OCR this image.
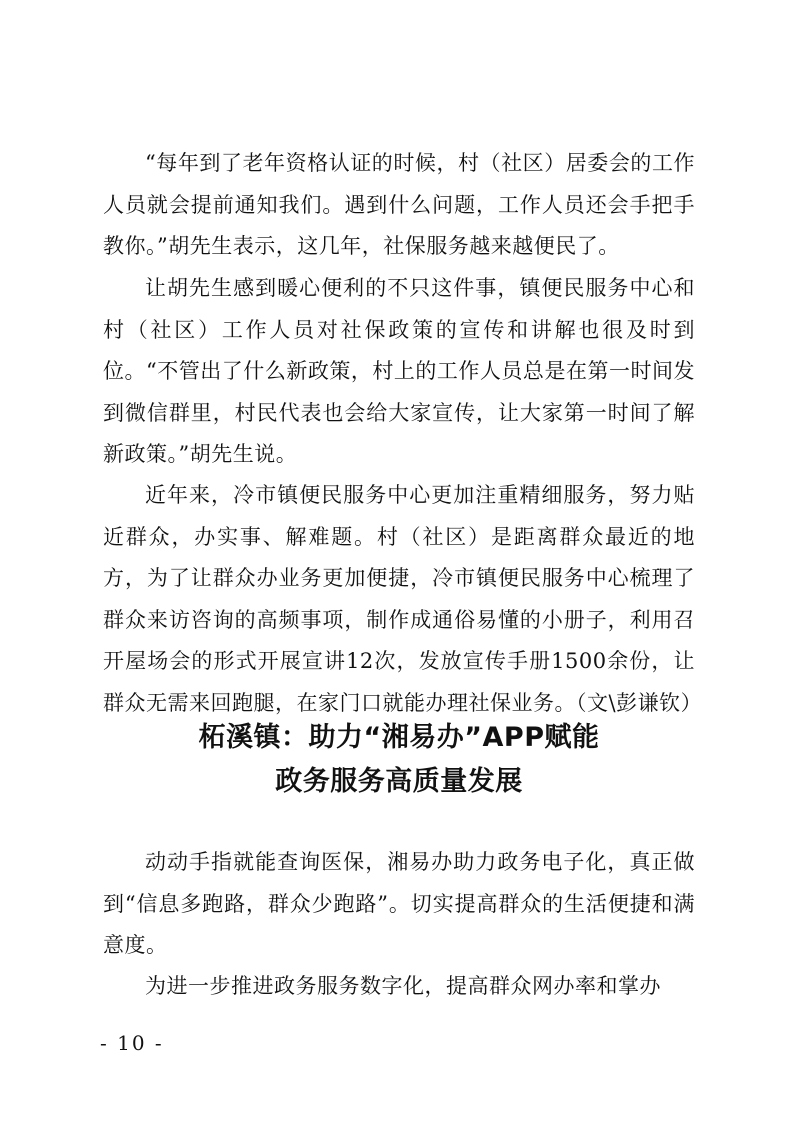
“每年到了老年资格认证的时候，村（社区）居委会的工作人员就会提前通知我们。遇到什么问题，工作人员还会手把手教你。”胡先生表示，这几年，社保服务越来越便民了。

让胡先生感到暖心便利的不只这件事，镇便民服务中心和村（社区）工作人员对社保政策的宣传和讲解也很及时到位。“不管出了什么新政策，村上的工作人员总是在第一时间发到微信群里，村民代表也会给大家宣传，让大家第一时间了解新政策。”胡先生说。

近年来，冷市镇便民服务中心更加注重精细服务，努力贴近群众，办实事、解难题。村（社区）是距离群众最近的地方，为了让群众办业务更加便捷，冷市镇便民服务中心梳理了群众来访咨询的高频事项，制作成通俗易懂的小册子，利用召开屋场会的形式开展宣讲12次，发放宣传手册1500余份，让群众无需来回跑腿，在家门口就能办理社保业务。（文\彭谦钦）

柘溪镇：助力“湘易办”APP赋能
政务服务高质量发展

动动手指就能查询医保，湘易办助力政务电子化，真正做到“信息多跑路，群众少跑路”。切实提高群众的生活便捷和满意度。

为进一步推进政务服务数字化，提高群众网办率和掌办

- 10 -
